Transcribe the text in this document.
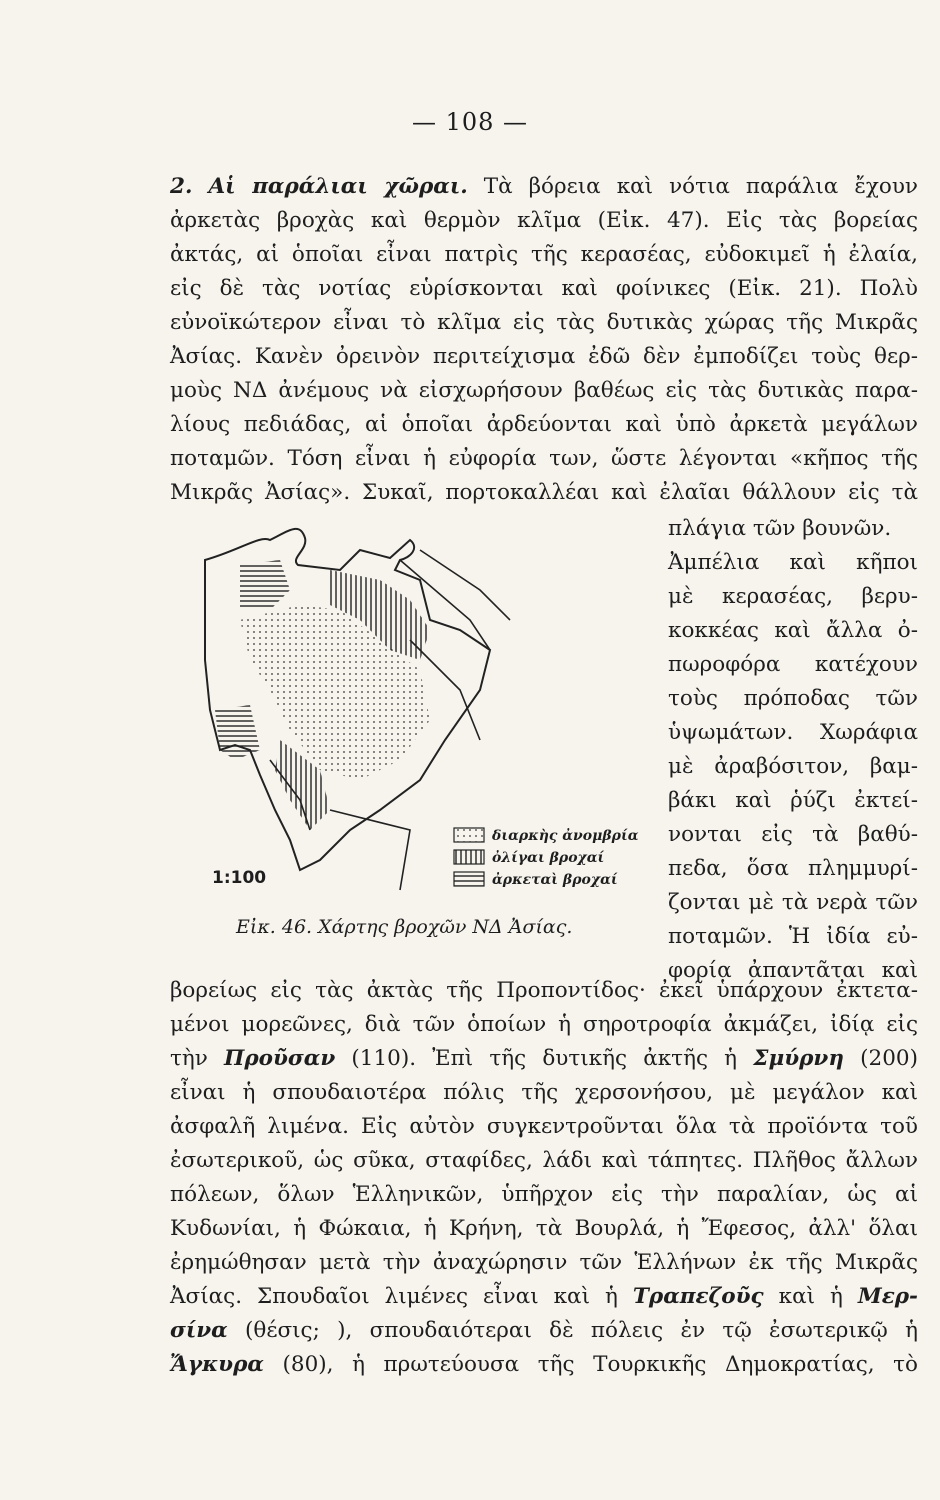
— 108 —
2. Αἱ παράλιαι χῶραι. Τὰ βόρεια καὶ νότια παράλια ἔχουν
ἀρκετὰς βροχὰς καὶ θερμὸν κλῖμα (Εἰκ. 47). Εἰς τὰς βορείας
ἀκτάς, αἱ ὁποῖαι εἶναι πατρὶς τῆς κερασέας, εὐδοκιμεῖ ἡ ἐλαία,
εἰς δὲ τὰς νοτίας εὑρίσκονται καὶ φοίνικες (Εἰκ. 21). Πολὺ
εὐνοϊκώτερον εἶναι τὸ κλῖμα εἰς τὰς δυτικὰς χώρας τῆς Μικρᾶς
Ἀσίας. Κανὲν ὀρεινὸν περιτείχισμα ἐδῶ δὲν ἐμποδίζει τοὺς θερ-
μοὺς ΝΔ ἀνέμους νὰ εἰσχωρήσουν βαθέως εἰς τὰς δυτικὰς παρα-
λίους πεδιάδας, αἱ ὁποῖαι ἀρδεύονται καὶ ὑπὸ ἀρκετὰ μεγάλων
ποταμῶν. Τόση εἶναι ἡ εὐφορία των, ὥστε λέγονται «κῆπος τῆς
Μικρᾶς Ἀσίας». Συκαῖ, πορτοκαλλέαι καὶ ἐλαῖαι θάλλουν εἰς τὰ
πλάγια τῶν βουνῶν.
Ἀμπέλια καὶ κῆποι
μὲ κερασέας, βερυ-
κοκκέας καὶ ἄλλα ὀ-
πωροφόρα κατέχουν
τοὺς πρόποδας τῶν
ὑψωμάτων. Χωράφια
μὲ ἀραβόσιτον, βαμ-
βάκι καὶ ῥύζι ἐκτεί-
νονται εἰς τὰ βαθύ-
πεδα, ὅσα πλημμυρί-
ζονται μὲ τὰ νερὰ τῶν
ποταμῶν. Ἡ ἰδία εὐ-
φορία ἀπαντᾶται καὶ
διαρκὴς ἀνομβρία
ὀλίγαι βροχαί
ἀρκεταὶ βροχαί
1:100
Εἰκ. 46. Χάρτης βροχῶν ΝΔ Ἀσίας.
βορείως εἰς τὰς ἀκτὰς τῆς Προποντίδος· ἐκεῖ ὑπάρχουν ἐκτετα-
μένοι μορεῶνες, διὰ τῶν ὁποίων ἡ σηροτροφία ἀκμάζει, ἰδίᾳ εἰς
τὴν Προῦσαν (110). Ἐπὶ τῆς δυτικῆς ἀκτῆς ἡ Σμύρνη (200)
εἶναι ἡ σπουδαιοτέρα πόλις τῆς χερσονήσου, μὲ μεγάλον καὶ
ἀσφαλῆ λιμένα. Εἰς αὐτὸν συγκεντροῦνται ὅλα τὰ προϊόντα τοῦ
ἐσωτερικοῦ, ὡς σῦκα, σταφίδες, λάδι καὶ τάπητες. Πλῆθος ἄλλων
πόλεων, ὅλων Ἑλληνικῶν, ὑπῆρχον εἰς τὴν παραλίαν, ὡς αἱ
Κυδωνίαι, ἡ Φώκαια, ἡ Κρήνη, τὰ Βουρλά, ἡ Ἔφεσος, ἀλλ' ὅλαι
ἐρημώθησαν μετὰ τὴν ἀναχώρησιν τῶν Ἑλλήνων ἐκ τῆς Μικρᾶς
Ἀσίας. Σπουδαῖοι λιμένες εἶναι καὶ ἡ Τραπεζοῦς καὶ ἡ Μερ-
σίνα (θέσις; ), σπουδαιότεραι δὲ πόλεις ἐν τῷ ἐσωτερικῷ ἡ
Ἄγκυρα (80), ἡ πρωτεύουσα τῆς Τουρκικῆς Δημοκρατίας, τὸ
